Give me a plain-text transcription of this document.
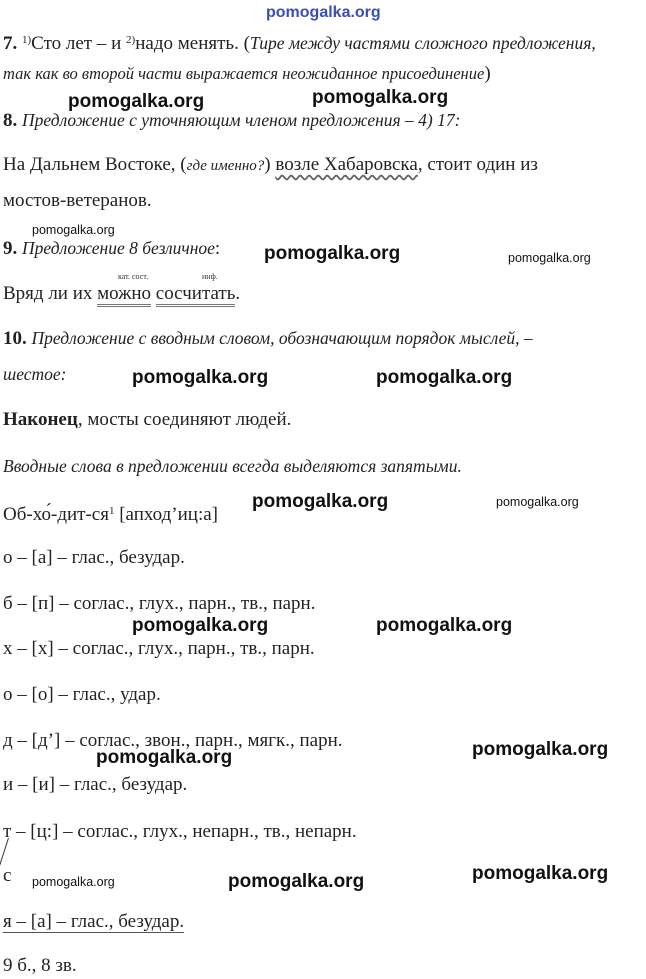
pomogalka.org
7. $^{1)}$Сто лет – и $^{2)}$надо менять. (Тире между частями сложного предложения,
так как во второй части выражается неожиданное присоединение)
pomogalka.org	pomogalka.org
8. Предложение с уточняющим членом предложения – 4) 17:
На Дальнем Востоке, (где именно?) возле Хабаровска, стоит один из
мостов-ветеранов.
pomogalka.org
9. Предложение 8 безличное: pomogalka.org	pomogalka.org
кат. сост.	инф.
Вряд ли их можно сосчитать.
10. Предложение с вводным словом, обозначающим порядок мыслей, –
шестое:	pomogalka.org	pomogalka.org
Наконец, мосты соединяют людей.
Вводные слова в предложении всегда выделяются запятыми.
$Об-хо́-дит-ся^1$ [апход’иц:а]
pomogalka.org	pomogalka.org
о – [а] – глас., безудар.
б – [п] – соглас., глух., парн., тв., парн.
pomogalka.org	pomogalka.org
х – [х] – соглас., глух., парн., тв., парн.
о – [о] – глас., удар.
д – [д’] – соглас., звон., парн., мягк., парн.	pomogalka.org
pomogalka.org
и – [и] – глас., безудар.
т – [ц:] – соглас., глух., непарн., тв., непарн.
с pomogalka.org	pomogalka.org	pomogalka.org
я – [а] – глас., безудар.
9 б., 8 зв.
